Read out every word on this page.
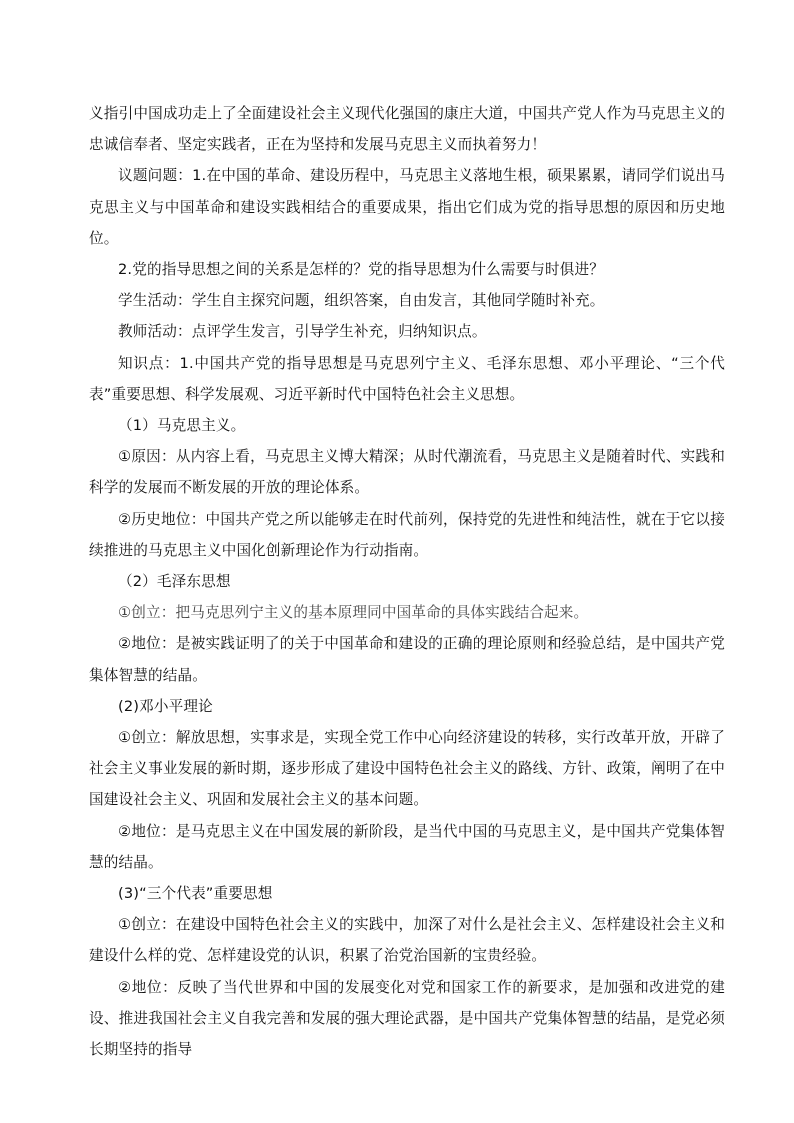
义指引中国成功走上了全面建设社会主义现代化强国的康庄大道，中国共产党人作为马克思主义的忠诚信奉者、坚定实践者，正在为坚持和发展马克思主义而执着努力！

议题问题：1.在中国的革命、建设历程中，马克思主义落地生根，硕果累累，请同学们说出马克思主义与中国革命和建设实践相结合的重要成果，指出它们成为党的指导思想的原因和历史地位。

2.党的指导思想之间的关系是怎样的？党的指导思想为什么需要与时俱进？

学生活动：学生自主探究问题，组织答案，自由发言，其他同学随时补充。

教师活动：点评学生发言，引导学生补充，归纳知识点。

知识点：1.中国共产党的指导思想是马克思列宁主义、毛泽东思想、邓小平理论、“三个代表”重要思想、科学发展观、习近平新时代中国特色社会主义思想。

（1）马克思主义。

①原因：从内容上看，马克思主义博大精深；从时代潮流看，马克思主义是随着时代、实践和科学的发展而不断发展的开放的理论体系。

②历史地位：中国共产党之所以能够走在时代前列，保持党的先进性和纯洁性，就在于它以接续推进的马克思主义中国化创新理论作为行动指南。

（2）毛泽东思想

①创立：把马克思列宁主义的基本原理同中国革命的具体实践结合起来。

②地位：是被实践证明了的关于中国革命和建设的正确的理论原则和经验总结，是中国共产党集体智慧的结晶。

(2)邓小平理论

①创立：解放思想，实事求是，实现全党工作中心向经济建设的转移，实行改革开放，开辟了社会主义事业发展的新时期，逐步形成了建设中国特色社会主义的路线、方针、政策，阐明了在中国建设社会主义、巩固和发展社会主义的基本问题。

②地位：是马克思主义在中国发展的新阶段，是当代中国的马克思主义，是中国共产党集体智慧的结晶。

(3)“三个代表”重要思想

①创立：在建设中国特色社会主义的实践中，加深了对什么是社会主义、怎样建设社会主义和建设什么样的党、怎样建设党的认识，积累了治党治国新的宝贵经验。

②地位：反映了当代世界和中国的发展变化对党和国家工作的新要求，是加强和改进党的建设、推进我国社会主义自我完善和发展的强大理论武器，是中国共产党集体智慧的结晶，是党必须长期坚持的指导
